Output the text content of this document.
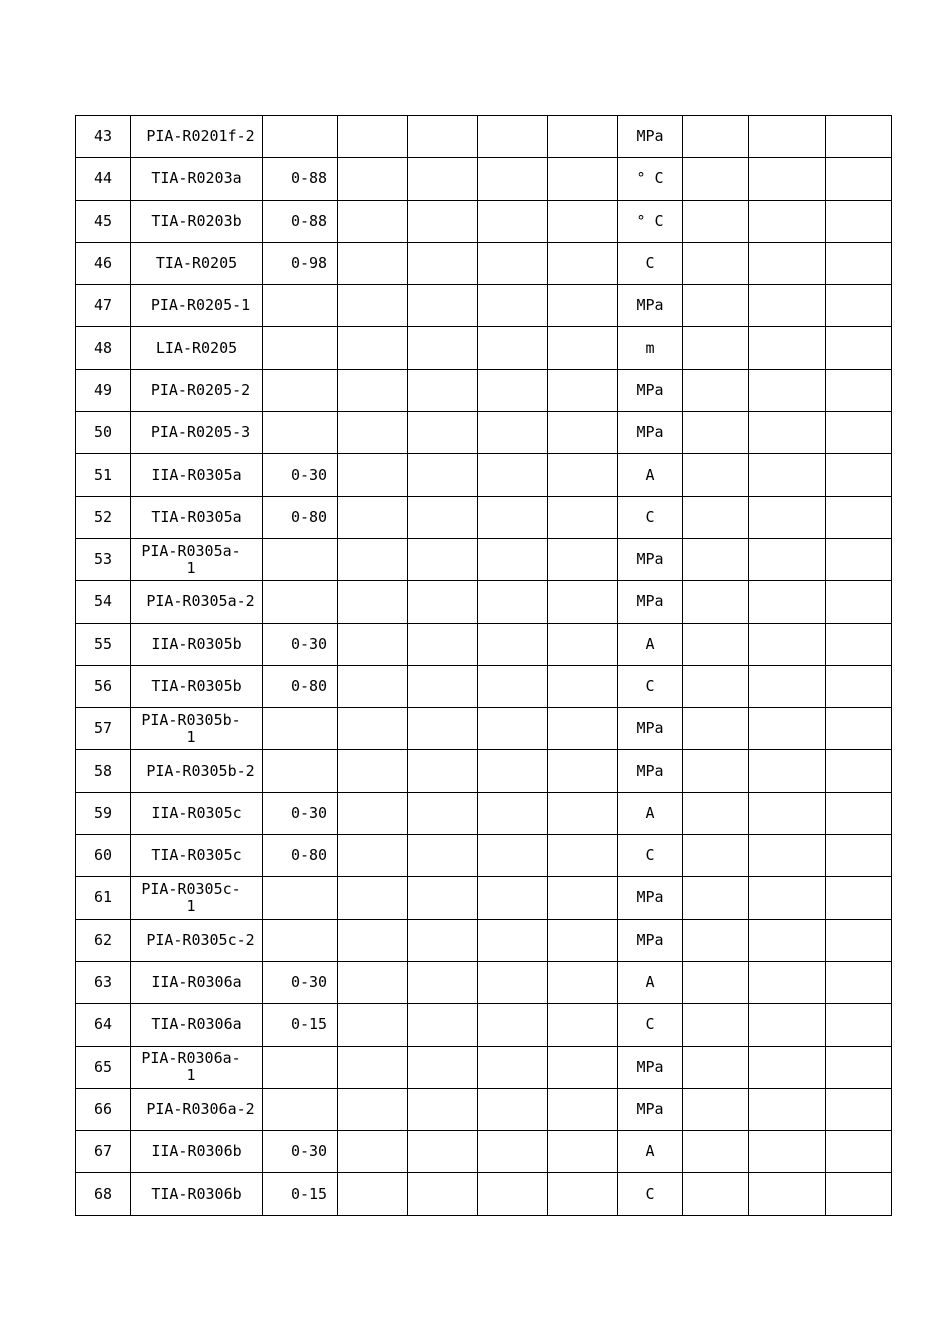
43	PIA-R0201f-2						MPa			
44	TIA-R0203a	0-88					° C			
45	TIA-R0203b	0-88					° C			
46	TIA-R0205	0-98					C			
47	PIA-R0205-1						MPa			
48	LIA-R0205						m			
49	PIA-R0205-2						MPa			
50	PIA-R0205-3						MPa			
51	IIA-R0305a	0-30					A			
52	TIA-R0305a	0-80					C			
53	PIA-R0305a-1						MPa			
54	PIA-R0305a-2						MPa			
55	IIA-R0305b	0-30					A			
56	TIA-R0305b	0-80					C			
57	PIA-R0305b-1						MPa			
58	PIA-R0305b-2						MPa			
59	IIA-R0305c	0-30					A			
60	TIA-R0305c	0-80					C			
61	PIA-R0305c-1						MPa			
62	PIA-R0305c-2						MPa			
63	IIA-R0306a	0-30					A			
64	TIA-R0306a	0-15					C			
65	PIA-R0306a-1						MPa			
66	PIA-R0306a-2						MPa			
67	IIA-R0306b	0-30					A			
68	TIA-R0306b	0-15					C			
